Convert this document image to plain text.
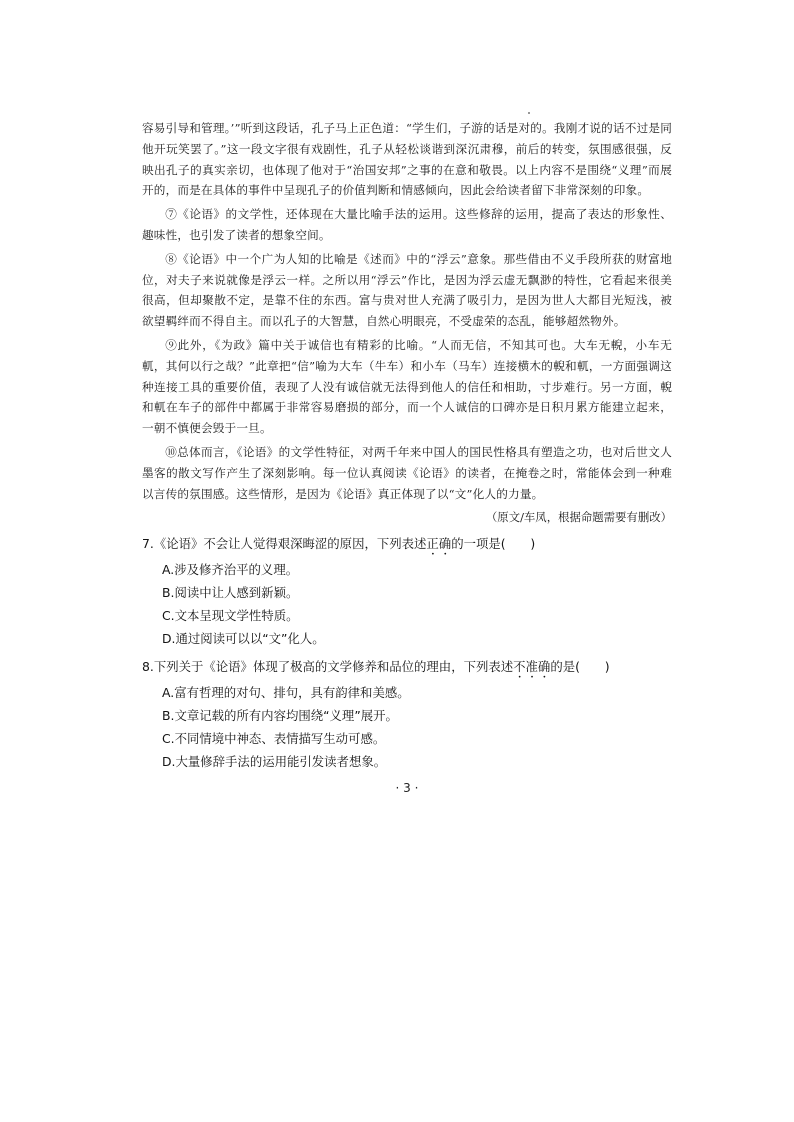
容易引导和管理。’”听到这段话，孔子马上正色道：“学生们，子游的话是对的。我刚才说的话不过是同他开玩笑罢了。”这一段文字很有戏剧性，孔子从轻松谈谐到深沉肃穆，前后的转变，氛围感很强，反映出孔子的真实亲切，也体现了他对于“治国安邦”之事的在意和敬畏。以上内容不是围绕“义理”而展开的，而是在具体的事件中呈现孔子的价值判断和情感倾向，因此会给读者留下非常深刻的印象。

⑦《论语》的文学性，还体现在大量比喻手法的运用。这些修辞的运用，提高了表达的形象性、趣味性，也引发了读者的想象空间。

⑧《论语》中一个广为人知的比喻是《述而》中的“浮云”意象。那些借由不义手段所获的财富地位，对夫子来说就像是浮云一样。之所以用“浮云”作比，是因为浮云虚无飘渺的特性，它看起来很美很高，但却聚散不定，是靠不住的东西。富与贵对世人充满了吸引力，是因为世人大都目光短浅，被欲望羁绊而不得自主。而以孔子的大智慧，自然心明眼亮，不受虚荣的态乱，能够超然物外。

⑨此外，《为政》篇中关于诚信也有精彩的比喻。“人而无信，不知其可也。大车无輗，小车无軏，其何以行之哉？”此章把“信”喻为大车（牛车）和小车（马车）连接横木的輗和軏，一方面强调这种连接工具的重要价值，表现了人没有诚信就无法得到他人的信任和相助，寸步难行。另一方面，輗和軏在车子的部件中都属于非常容易磨损的部分，而一个人诚信的口碑亦是日积月累方能建立起来，一朝不慎便会毁于一旦。

⑩总体而言，《论语》的文学性特征，对两千年来中国人的国民性格具有塑造之功，也对后世文人墨客的散文写作产生了深刻影响。每一位认真阅读《论语》的读者，在掩卷之时，常能体会到一种难以言传的氛围感。这些情形，是因为《论语》真正体现了以“文”化人的力量。

（原文/车凤，根据命题需要有删改）

7.《论语》不会让人觉得艰深晦涩的原因，下列表述正确的一项是(　　)

A.涉及修齐治平的义理。

B.阅读中让人感到新颖。

C.文本呈现文学性特质。

D.通过阅读可以以“文”化人。

8.下列关于《论语》体现了极高的文学修养和品位的理由，下列表述不准确的是(　　)

A.富有哲理的对句、排句，具有韵律和美感。

B.文章记载的所有内容均围绕“义理”展开。

C.不同情境中神态、表情描写生动可感。

D.大量修辞手法的运用能引发读者想象。

· 3 ·
